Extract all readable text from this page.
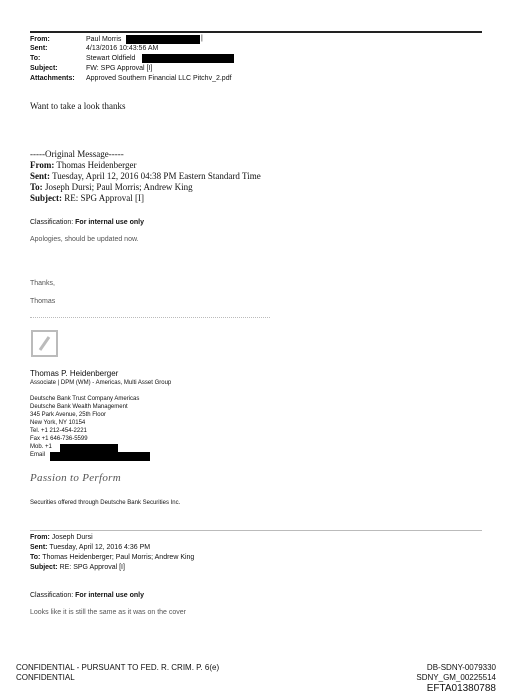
From:	Paul Morris	|
Sent:	4/13/2016 10:43:56 AM
To:	Stewart Oldfield
Subject:	FW: SPG Approval [I]
Attachments: Approved Southern Financial LLC Pitchv_2.pdf
Want to take a look thanks
-----Original Message-----
From: Thomas Heidenberger
Sent: Tuesday, April 12, 2016 04:38 PM Eastern Standard Time
To: Joseph Dursi; Paul Morris; Andrew King
Subject: RE: SPG Approval [I]
Classification: For internal use only
Apologies, should be updated now.
Thanks,
Thomas
Thomas P. Heidenberger
Associate | DPM (WM) - Americas, Multi Asset Group
Deutsche Bank Trust Company Americas
Deutsche Bank Wealth Management
345 Park Avenue, 25th Floor
New York, NY 10154
Tel. +1 212-454-2221
Fax +1 646-736-5599
Mob. +1
Email
Passion to Perform
Securities offered through Deutsche Bank Securities Inc.
From: Joseph Dursi
Sent: Tuesday, April 12, 2016 4:36 PM
To: Thomas Heidenberger; Paul Morris; Andrew King
Subject: RE: SPG Approval [I]
Classification: For internal use only
Looks like it is still the same as it was on the cover
CONFIDENTIAL - PURSUANT TO FED. R. CRIM. P. 6(e)
CONFIDENTIAL
DB-SDNY-0079330
SDNY_GM_00225514
EFTA01380788
